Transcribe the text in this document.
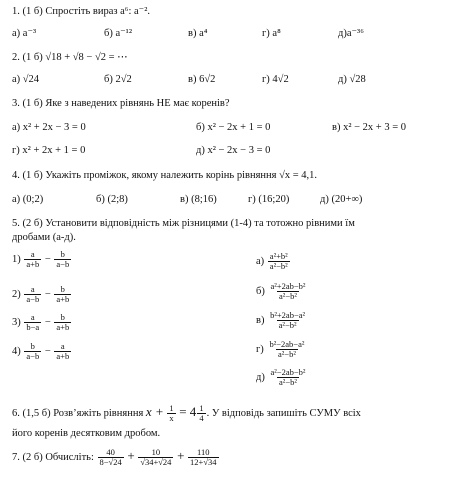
1. (1 б) Спростіть вираз a⁶: a⁻².
а) a⁻³	б) a⁻¹²	в) a⁴	г) a⁸	д)a⁻³⁶
2. (1 б) √18 + √8 − √2 = ⋯
а) √24	б) 2√2	в) 6√2	г) 4√2	д) √28
3. (1 б) Яке з наведених рівнянь НЕ має коренів?
а) x² + 2x − 3 = 0	б) x² − 2x + 1 = 0	в) x² − 2x + 3 = 0
г) x² + 2x + 1 = 0	д) x² − 2x − 3 = 0
4. (1 б) Укажіть проміжок, якому належить корінь рівняння √x = 4,1.
а) (0;2)	б) (2;8)	в) (8;16)	г) (16;20)	д) (20+∞)
5. (2 б) Установити відповідність між різницями (1-4) та тотожно рівними їм
дробами (а-д).
$1) \frac{a}{a+b} - \frac{b}{a-b}$
$2) \frac{a}{a-b} - \frac{b}{a+b}$
$3) \frac{a}{b-a} - \frac{b}{a+b}$
$4) \frac{b}{a-b} - \frac{a}{a+b}$
$а) \frac{\text{a²+b²}}{\text{a²−b²}}$
$б) \frac{\text{a²+2ab−b²}}{\text{a²−b²}}$
$в) \frac{\text{b²+2ab−a²}}{\text{a²−b²}}$
$г) \frac{\text{b²−2ab−a²}}{\text{a²−b²}}$
$д) \frac{\text{a²−2ab−b²}}{\text{a²−b²}}$
6. (1,5 б) Розв’яжіть рівняння $x + \frac{1}{x} = 4 \frac{1}{4}$ . У відповідь запишіть СУМУ всіх
його коренів десятковим дробом.
7. (2 б) Обчисліть: $\frac{40}{8-√24} + \frac{10}{√34+√24} + \frac{110}{12+√34}$
